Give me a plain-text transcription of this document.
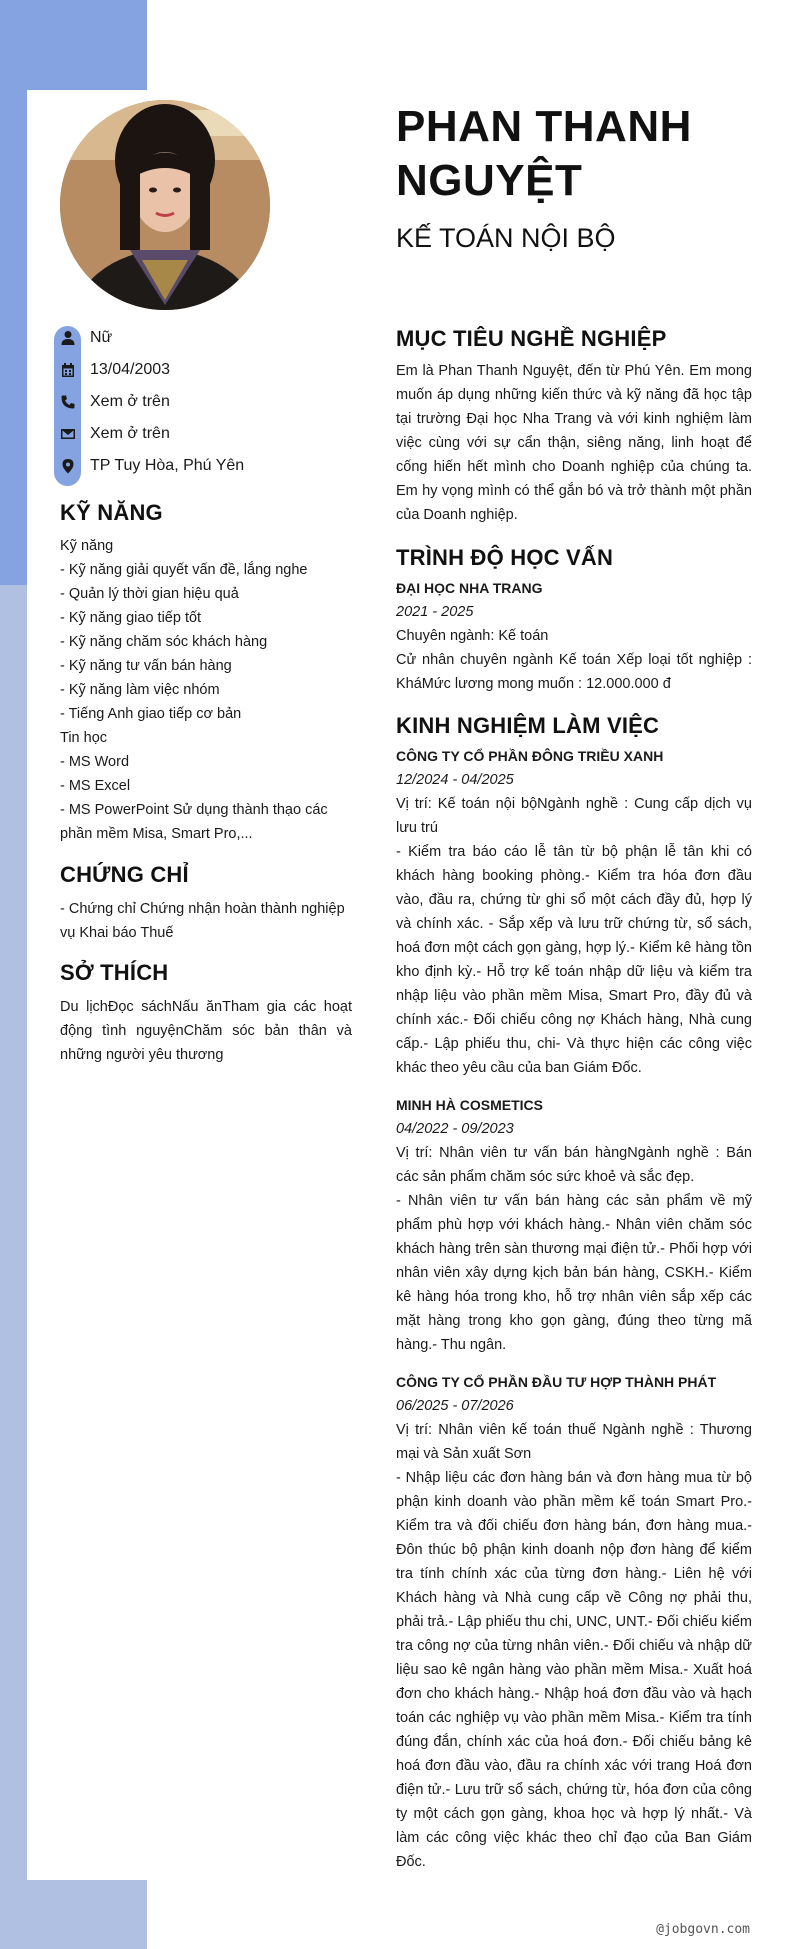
PHAN THANH NGUYỆT
KẾ TOÁN NỘI BỘ
Nữ
13/04/2003
Xem ở trên
Xem ở trên
TP Tuy Hòa, Phú Yên
KỸ NĂNG
Kỹ năng
- Kỹ năng giải quyết vấn đề, lắng nghe
- Quản lý thời gian hiệu quả
- Kỹ năng giao tiếp tốt
- Kỹ năng chăm sóc khách hàng
- Kỹ năng tư vấn bán hàng
- Kỹ năng làm việc nhóm
- Tiếng Anh giao tiếp cơ bản
Tin học
- MS Word
- MS Excel
- MS PowerPoint Sử dụng thành thạo các phần mềm Misa, Smart Pro,...
CHỨNG CHỈ
- Chứng chỉ Chứng nhận hoàn thành nghiệp vụ Khai báo Thuế
SỞ THÍCH
Du lịchĐọc sáchNấu ănTham gia các hoạt động tình nguyệnChăm sóc bản thân và những người yêu thương
MỤC TIÊU NGHỀ NGHIỆP
Em là Phan Thanh Nguyệt, đến từ Phú Yên. Em mong muốn áp dụng những kiến thức và kỹ năng đã học tập tại trường Đại học Nha Trang và với kinh nghiệm làm việc cùng với sự cẩn thận, siêng năng, linh hoạt để cống hiến hết mình cho Doanh nghiệp của chúng ta. Em hy vọng mình có thể gắn bó và trở thành một phần của Doanh nghiệp.
TRÌNH ĐỘ HỌC VẤN
ĐẠI HỌC NHA TRANG
2021 - 2025
Chuyên ngành: Kế toán
Cử nhân chuyên ngành Kế toán Xếp loại tốt nghiệp : KháMức lương mong muốn : 12.000.000 đ
KINH NGHIỆM LÀM VIỆC
CÔNG TY CỔ PHẦN ĐÔNG TRIỀU XANH
12/2024 - 04/2025
Vị trí: Kế toán nội bộNgành nghề : Cung cấp dịch vụ lưu trú
- Kiểm tra báo cáo lễ tân từ bộ phận lễ tân khi có khách hàng booking phòng.- Kiểm tra hóa đơn đầu vào, đầu ra, chứng từ ghi sổ một cách đầy đủ, hợp lý và chính xác. - Sắp xếp và lưu trữ chứng từ, sổ sách, hoá đơn một cách gọn gàng, hợp lý.- Kiểm kê hàng tồn kho định kỳ.- Hỗ trợ kế toán nhập dữ liệu và kiểm tra nhập liệu vào phần mềm Misa, Smart Pro, đầy đủ và chính xác.- Đối chiếu công nợ Khách hàng, Nhà cung cấp.- Lập phiếu thu, chi- Và thực hiện các công việc khác theo yêu cầu của ban Giám Đốc.
MINH HÀ COSMETICS
04/2022 - 09/2023
Vị trí: Nhân viên tư vấn bán hàngNgành nghề : Bán các sản phẩm chăm sóc sức khoẻ và sắc đẹp.
- Nhân viên tư vấn bán hàng các sản phẩm về mỹ phẩm phù hợp với khách hàng.- Nhân viên chăm sóc khách hàng trên sàn thương mại điện tử.- Phối hợp với nhân viên xây dựng kịch bản bán hàng, CSKH.- Kiểm kê hàng hóa trong kho, hỗ trợ nhân viên sắp xếp các mặt hàng trong kho gọn gàng, đúng theo từng mã hàng.- Thu ngân.
CÔNG TY CỔ PHẦN ĐẦU TƯ HỢP THÀNH PHÁT
06/2025 - 07/2026
Vị trí: Nhân viên kế toán thuế Ngành nghề : Thương mại và Sản xuất Sơn
- Nhập liệu các đơn hàng bán và đơn hàng mua từ bộ phận kinh doanh vào phần mềm kế toán Smart Pro.- Kiểm tra và đối chiếu đơn hàng bán, đơn hàng mua.- Đôn thúc bộ phận kinh doanh nộp đơn hàng để kiểm tra tính chính xác của từng đơn hàng.- Liên hệ với Khách hàng và Nhà cung cấp về Công nợ phải thu, phải trả.- Lập phiếu thu chi, UNC, UNT.- Đối chiếu kiểm tra công nợ của từng nhân viên.- Đối chiếu và nhập dữ liệu sao kê ngân hàng vào phần mềm Misa.- Xuất hoá đơn cho khách hàng.- Nhập hoá đơn đầu vào và hạch toán các nghiệp vụ vào phần mềm Misa.- Kiểm tra tính đúng đắn, chính xác của hoá đơn.- Đối chiếu bảng kê hoá đơn đầu vào, đầu ra chính xác với trang Hoá đơn điện tử.- Lưu trữ sổ sách, chứng từ, hóa đơn của công ty một cách gọn gàng, khoa học và hợp lý nhất.- Và làm các công việc khác theo chỉ đạo của Ban Giám Đốc.
@jobgovn.com
